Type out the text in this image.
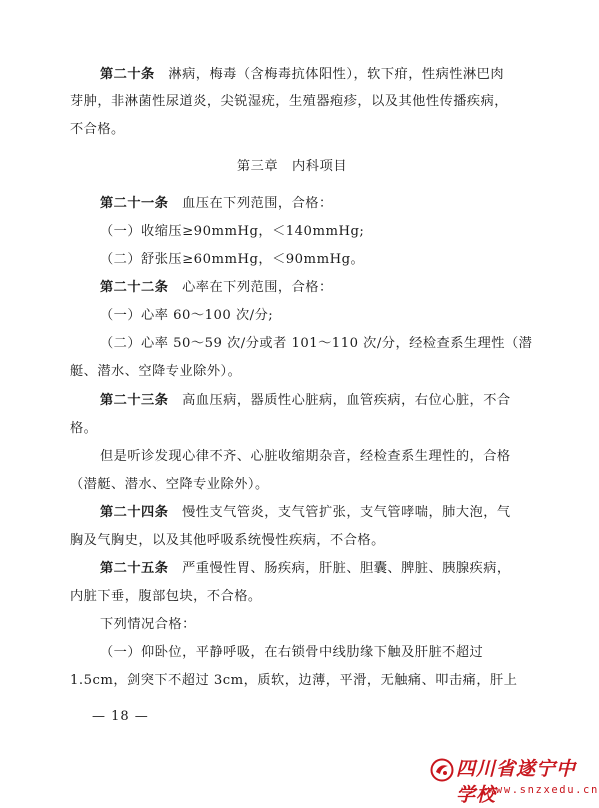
第二十条　淋病，梅毒（含梅毒抗体阳性），软下疳，性病性淋巴肉
芽肿，非淋菌性尿道炎，尖锐湿疣，生殖器疱疹，以及其他性传播疾病，
不合格。
第三章　内科项目
第二十一条　血压在下列范围，合格：
（一）收缩压≥90mmHg，＜140mmHg;
（二）舒张压≥60mmHg，＜90mmHg。
第二十二条　心率在下列范围，合格：
（一）心率 60～100 次/分;
（二）心率 50～59 次/分或者 101～110 次/分，经检查系生理性（潜
艇、潜水、空降专业除外）。
第二十三条　高血压病，器质性心脏病，血管疾病，右位心脏，不合
格。
但是听诊发现心律不齐、心脏收缩期杂音，经检查系生理性的，合格
（潜艇、潜水、空降专业除外）。
第二十四条　慢性支气管炎，支气管扩张，支气管哮喘，肺大泡，气
胸及气胸史，以及其他呼吸系统慢性疾病，不合格。
第二十五条　严重慢性胃、肠疾病，肝脏、胆囊、脾脏、胰腺疾病，
内脏下垂，腹部包块，不合格。
下列情况合格：
（一）仰卧位，平静呼吸，在右锁骨中线肋缘下触及肝脏不超过
1.5cm，剑突下不超过 3cm，质软，边薄，平滑，无触痛、叩击痛，肝上
— 18 —
四川省遂宁中学校
www.snzxedu.cn
